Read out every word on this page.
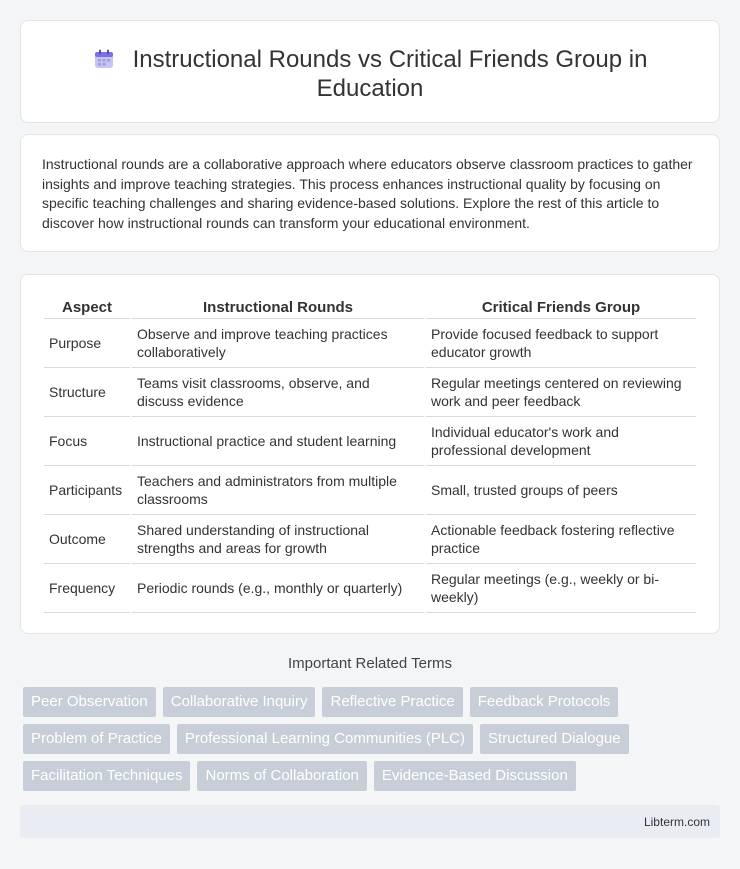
Instructional Rounds vs Critical Friends Group in Education

Instructional rounds are a collaborative approach where educators observe classroom practices to gather insights and improve teaching strategies. This process enhances instructional quality by focusing on specific teaching challenges and sharing evidence-based solutions. Explore the rest of this article to discover how instructional rounds can transform your educational environment.

Aspect	Instructional Rounds	Critical Friends Group
Purpose	Observe and improve teaching practices collaboratively	Provide focused feedback to support educator growth
Structure	Teams visit classrooms, observe, and discuss evidence	Regular meetings centered on reviewing work and peer feedback
Focus	Instructional practice and student learning	Individual educator's work and professional development
Participants	Teachers and administrators from multiple classrooms	Small, trusted groups of peers
Outcome	Shared understanding of instructional strengths and areas for growth	Actionable feedback fostering reflective practice
Frequency	Periodic rounds (e.g., monthly or quarterly)	Regular meetings (e.g., weekly or bi-weekly)
Important Related Terms
Peer Observation	Collaborative Inquiry	Reflective Practice	Feedback Protocols
Problem of Practice	Professional Learning Communities (PLC)	Structured Dialogue
Facilitation Techniques	Norms of Collaboration	Evidence-Based Discussion
Libterm.com
